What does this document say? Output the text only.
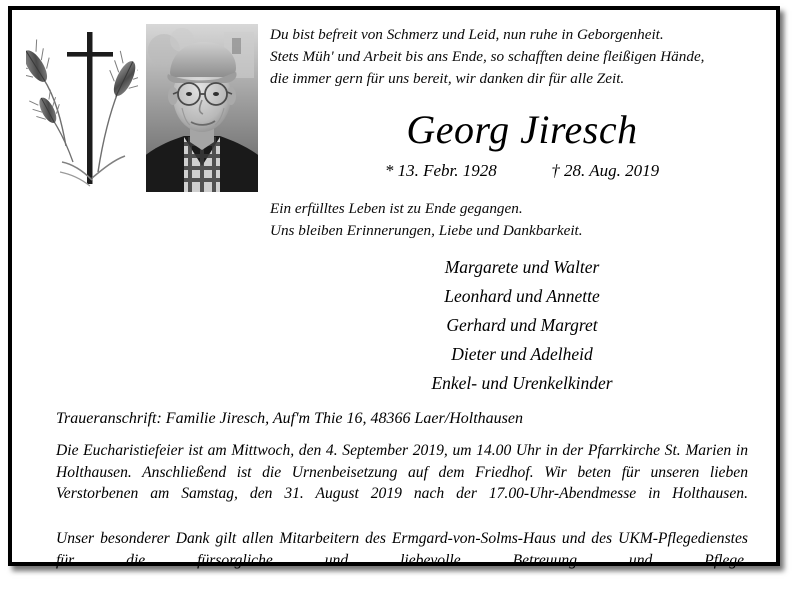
Du bist befreit von Schmerz und Leid, nun ruhe in Geborgenheit.
Stets Müh' und Arbeit bis ans Ende, so schafften deine fleißigen Hände,
die immer gern für uns bereit, wir danken dir für alle Zeit.
Georg Jiresch
* 13. Febr. 1928	† 28. Aug. 2019
Ein erfülltes Leben ist zu Ende gegangen.
Uns bleiben Erinnerungen, Liebe und Dankbarkeit.
Margarete und Walter
Leonhard und Annette
Gerhard und Margret
Dieter und Adelheid
Enkel- und Urenkelkinder
Traueranschrift: Familie Jiresch, Auf'm Thie 16, 48366 Laer/Holthausen
Die Eucharistiefeier ist am Mittwoch, den 4. September 2019, um 14.00 Uhr in der Pfarrkirche St. Marien in Holthausen. Anschließend ist die Urnenbeisetzung auf dem Friedhof. Wir beten für unseren lieben Verstorbenen am Samstag, den 31. August 2019 nach der 17.00-Uhr-Abendmesse in Holthausen.
Unser besonderer Dank gilt allen Mitarbeitern des Ermgard-von-Solms-Haus und des UKM-Pflegedienstes für die fürsorgliche und liebevolle Betreuung und Pflege.
